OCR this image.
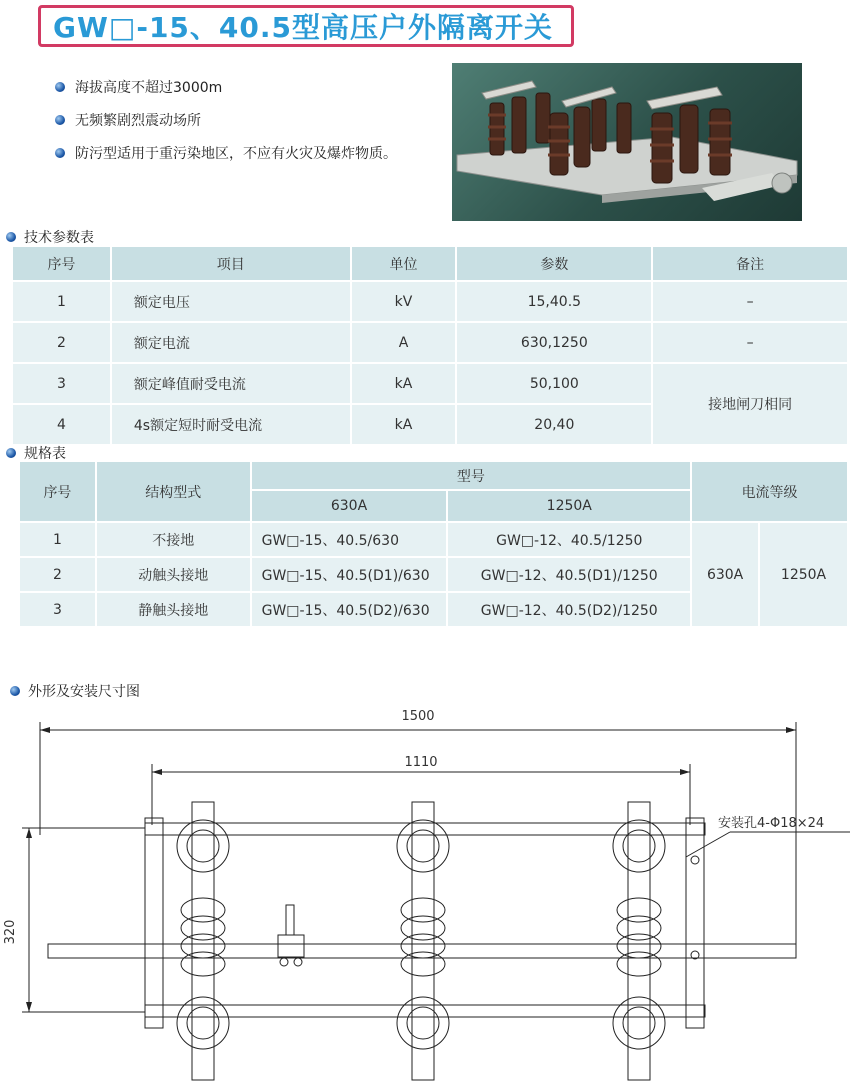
GW□-15、40.5型高压户外隔离开关
海拔高度不超过3000m
无频繁剧烈震动场所
防污型适用于重污染地区，不应有火灾及爆炸物质。
技术参数表
序号	项目	单位	参数	备注
1	额定电压	kV	15,40.5	–
2	额定电流	A	630,1250	–
3	额定峰值耐受电流	kA	50,100	接地闸刀相同
4	4s额定短时耐受电流	kA	20,40	
规格表
序号	结构型式	型号		电流等级	
		630A	1250A		
1	不接地	GW□-15、40.5/630	GW□-12、40.5/1250	630A	1250A
2	动触头接地	GW□-15、40.5(D1)/630	GW□-12、40.5(D1)/1250		
3	静触头接地	GW□-15、40.5(D2)/630	GW□-12、40.5(D2)/1250		
外形及安装尺寸图
1500
1110
320
安装孔4-Φ18×24
